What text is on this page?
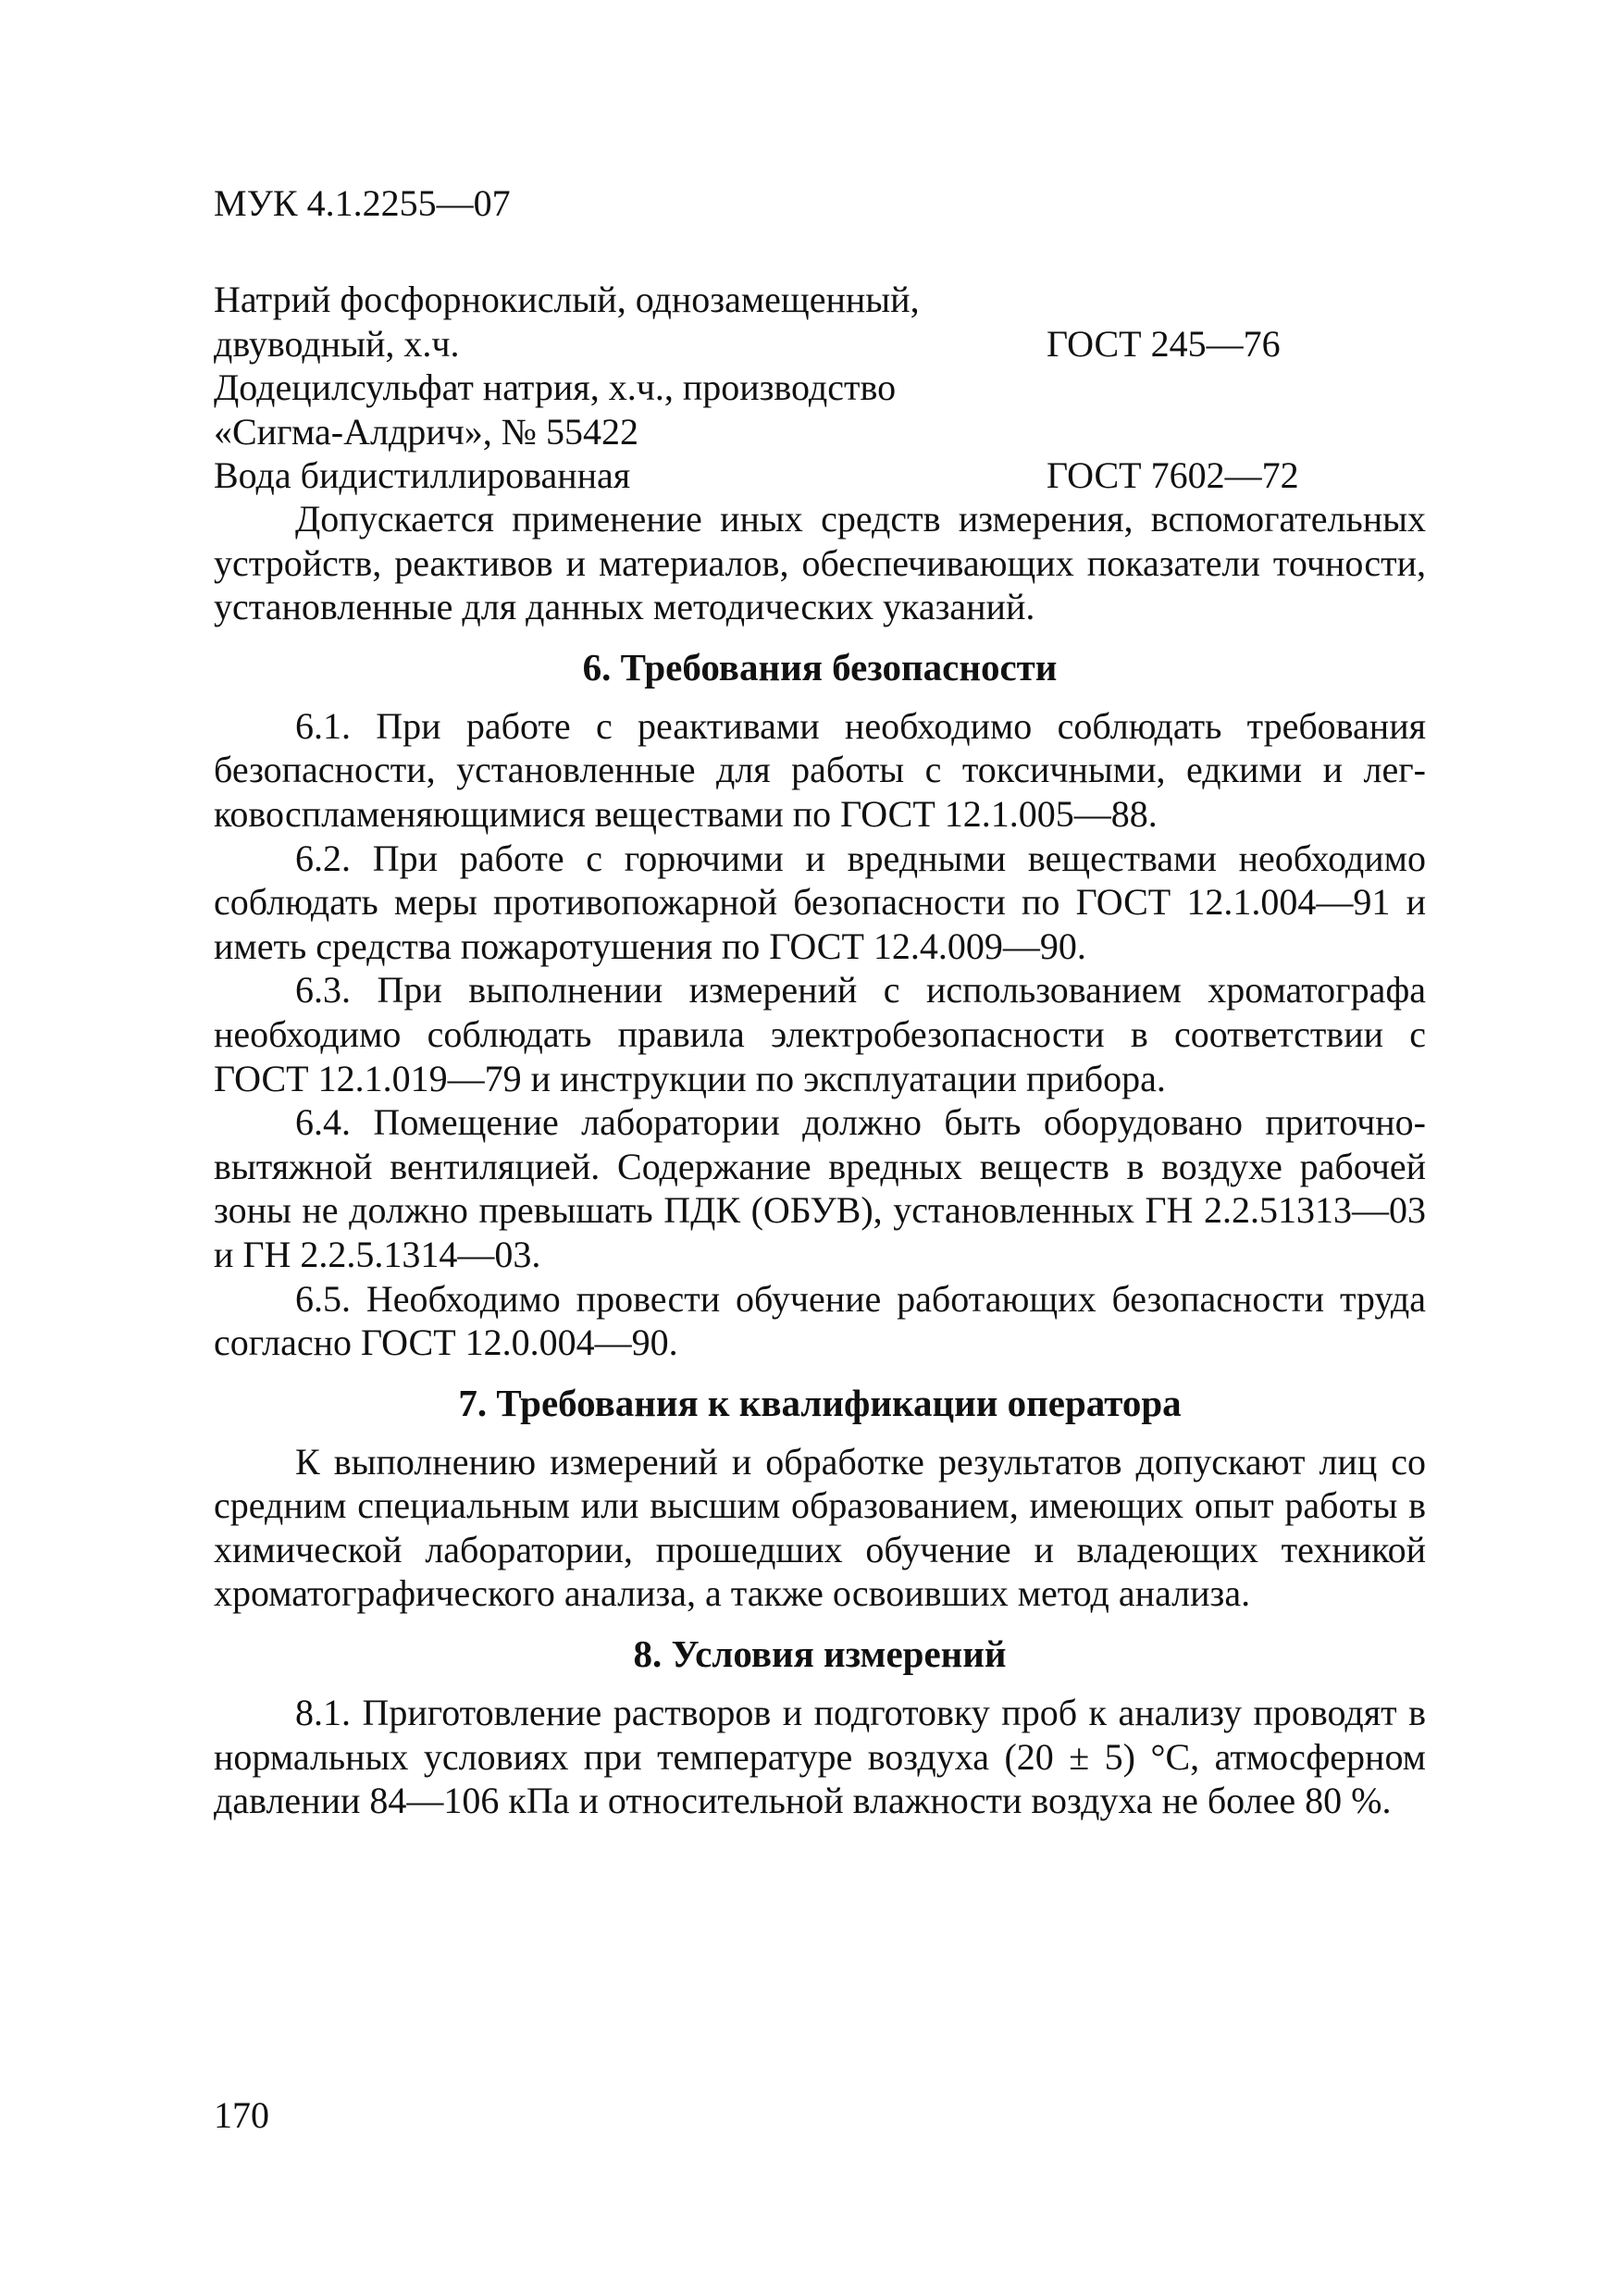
МУК 4.1.2255—07
Натрий фосфорнокислый, однозамещенный,
двуводный, х.ч.	ГОСТ 245—76
Додецилсульфат натрия, х.ч., производство
«Сигма-Алдрич», № 55422
Вода бидистиллированная	ГОСТ 7602—72

Допускается применение иных средств измерения, вспомогательных устройств, реактивов и материалов, обеспечивающих показатели точности, установленные для данных методических указаний.

6. Требования безопасности

6.1. При работе с реактивами необходимо соблюдать требования безопасности, установленные для работы с токсичными, едкими и легковоспламеняющимися веществами по ГОСТ 12.1.005—88.

6.2. При работе с горючими и вредными веществами необходимо соблюдать меры противопожарной безопасности по ГОСТ 12.1.004—91 и иметь средства пожаротушения по ГОСТ 12.4.009—90.

6.3. При выполнении измерений с использованием хроматографа необходимо соблюдать правила электробезопасности в соответствии с ГОСТ 12.1.019—79 и инструкции по эксплуатации прибора.

6.4. Помещение лаборатории должно быть оборудовано приточно-вытяжной вентиляцией. Содержание вредных веществ в воздухе рабочей зоны не должно превышать ПДК (ОБУВ), установленных ГН 2.2.51313—03 и ГН 2.2.5.1314—03.

6.5. Необходимо провести обучение работающих безопасности труда согласно ГОСТ 12.0.004—90.

7. Требования к квалификации оператора

К выполнению измерений и обработке результатов допускают лиц со средним специальным или высшим образованием, имеющих опыт работы в химической лаборатории, прошедших обучение и владеющих техникой хроматографического анализа, а также освоивших метод анализа.

8. Условия измерений

8.1. Приготовление растворов и подготовку проб к анализу проводят в нормальных условиях при температуре воздуха (20 ± 5) °С, атмосферном давлении 84—106 кПа и относительной влажности воздуха не более 80 %.

170
